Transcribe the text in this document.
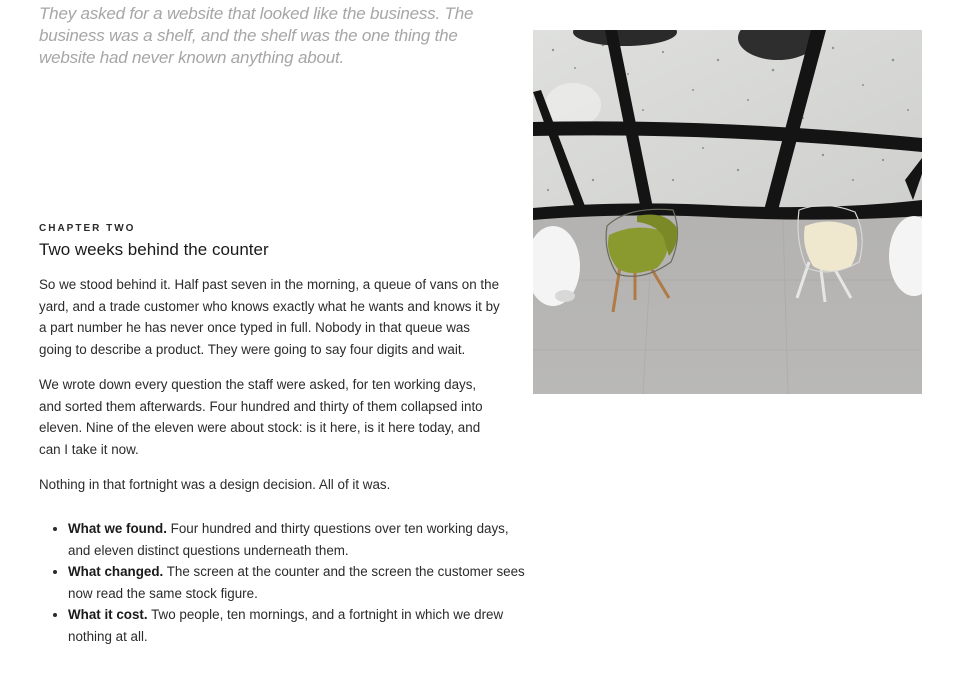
They asked for a website that looked like the business. The business was a shelf, and the shelf was the one thing the website had never known anything about.

CHAPTER TWO

Two weeks behind the counter

So we stood behind it. Half past seven in the morning, a queue of vans on the yard, and a trade customer who knows exactly what he wants and knows it by a part number he has never once typed in full. Nobody in that queue was going to describe a product. They were going to say four digits and wait.

We wrote down every question the staff were asked, for ten working days, and sorted them afterwards. Four hundred and thirty of them collapsed into eleven. Nine of the eleven were about stock: is it here, is it here today, and can I take it now.

Nothing in that fortnight was a design decision. All of it was.

• What we found. Four hundred and thirty questions over ten working days, and eleven distinct questions underneath them.
• What changed. The screen at the counter and the screen the customer sees now read the same stock figure.
• What it cost. Two people, ten mornings, and a fortnight in which we drew nothing at all.
